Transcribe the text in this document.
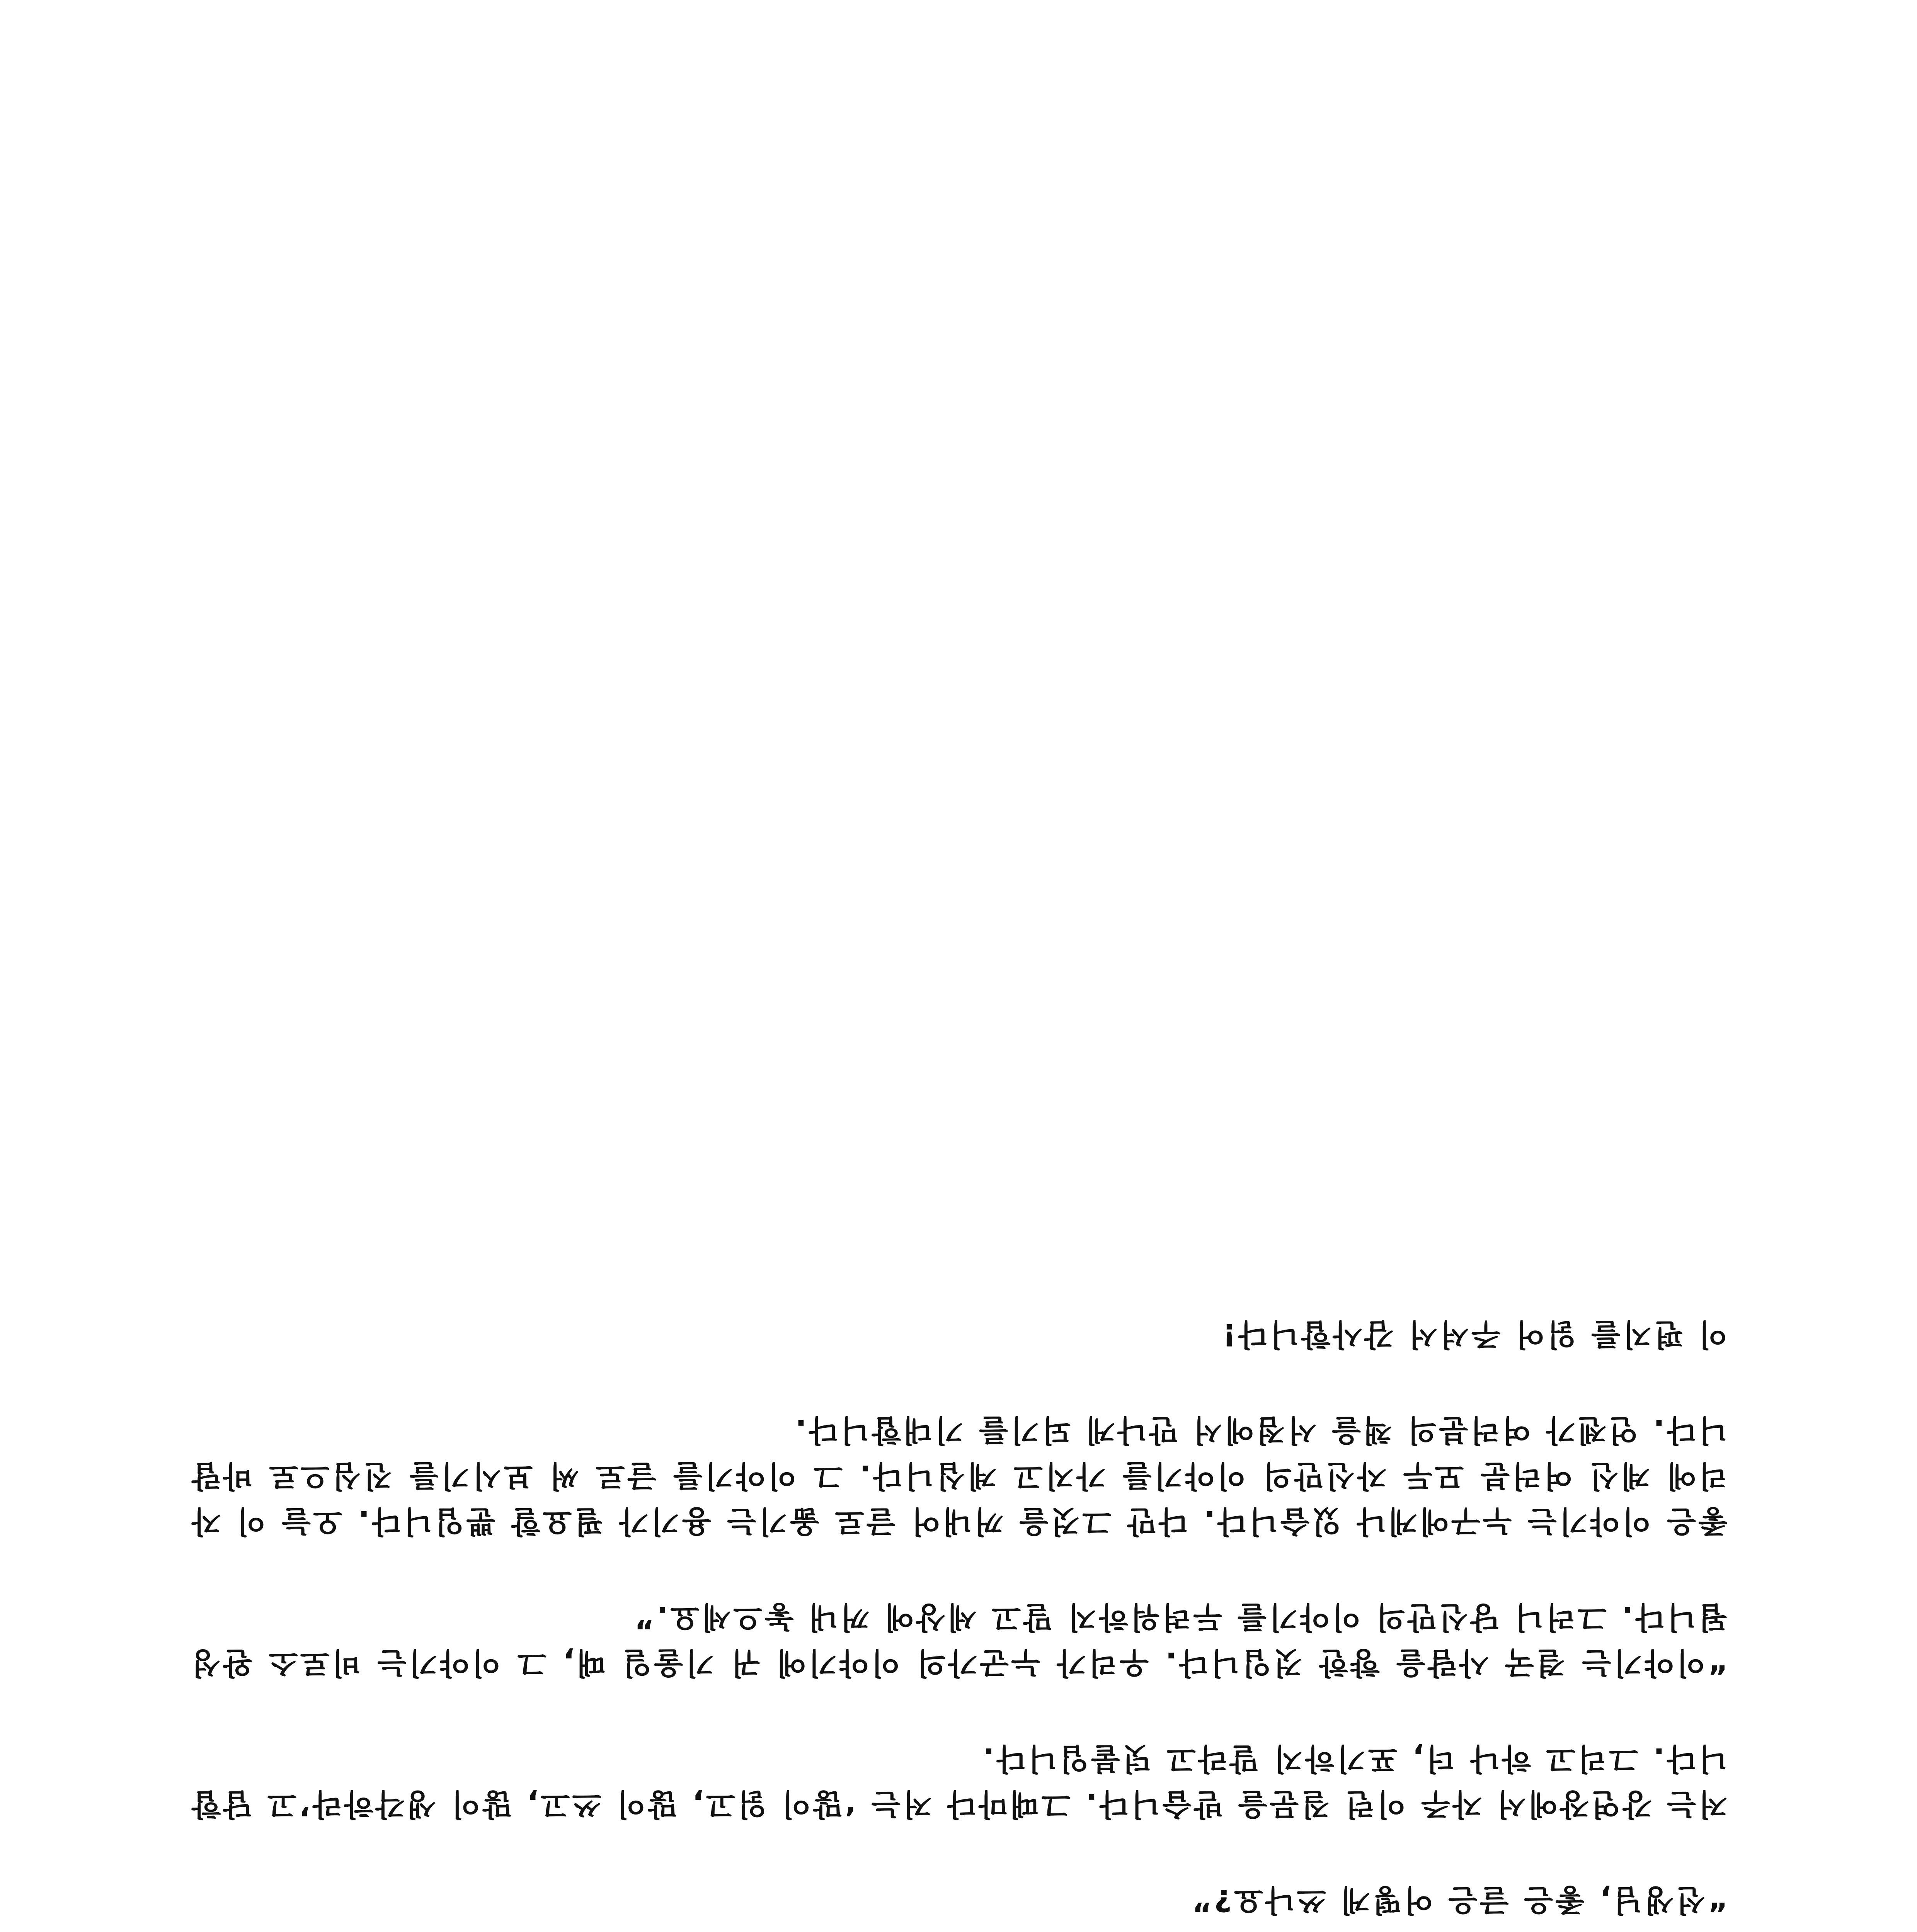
“선생님, 좋은 글은 어떻게 쓰나요?”

저는 강연장에서 자주 이런 질문을 받습니다. 그때마다 저는 ‘많이 읽고, 많이 쓰고, 많이 생각하라’고 답합니다. 그리고 하나 더, 포기하지 말라고 덧붙입니다.

“이야기는 결국 사람을 향한 것입니다. 우리가 누군가의 이야기에 귀 기울일 때, 그 이야기는 비로소 완성됩니다. 그러니 당신만의 이야기를 두려워하지 말고 세상에 꺼내 놓으세요.”

좋은 이야기는 누구에게나 있습니다. 다만 그것을 꺼내어 글로 옮기는 용기가 필요할 뿐입니다. 오늘 이 자리에 계신 여러분 모두 자신만의 이야기를 가지고 계십니다. 그 이야기를 글로 써 보시기를 진심으로 바랍니다. 언젠가 여러분의 책을 서점에서 만나게 되기를 기대합니다.

이 편지를 읽어 주셔서 감사합니다!
